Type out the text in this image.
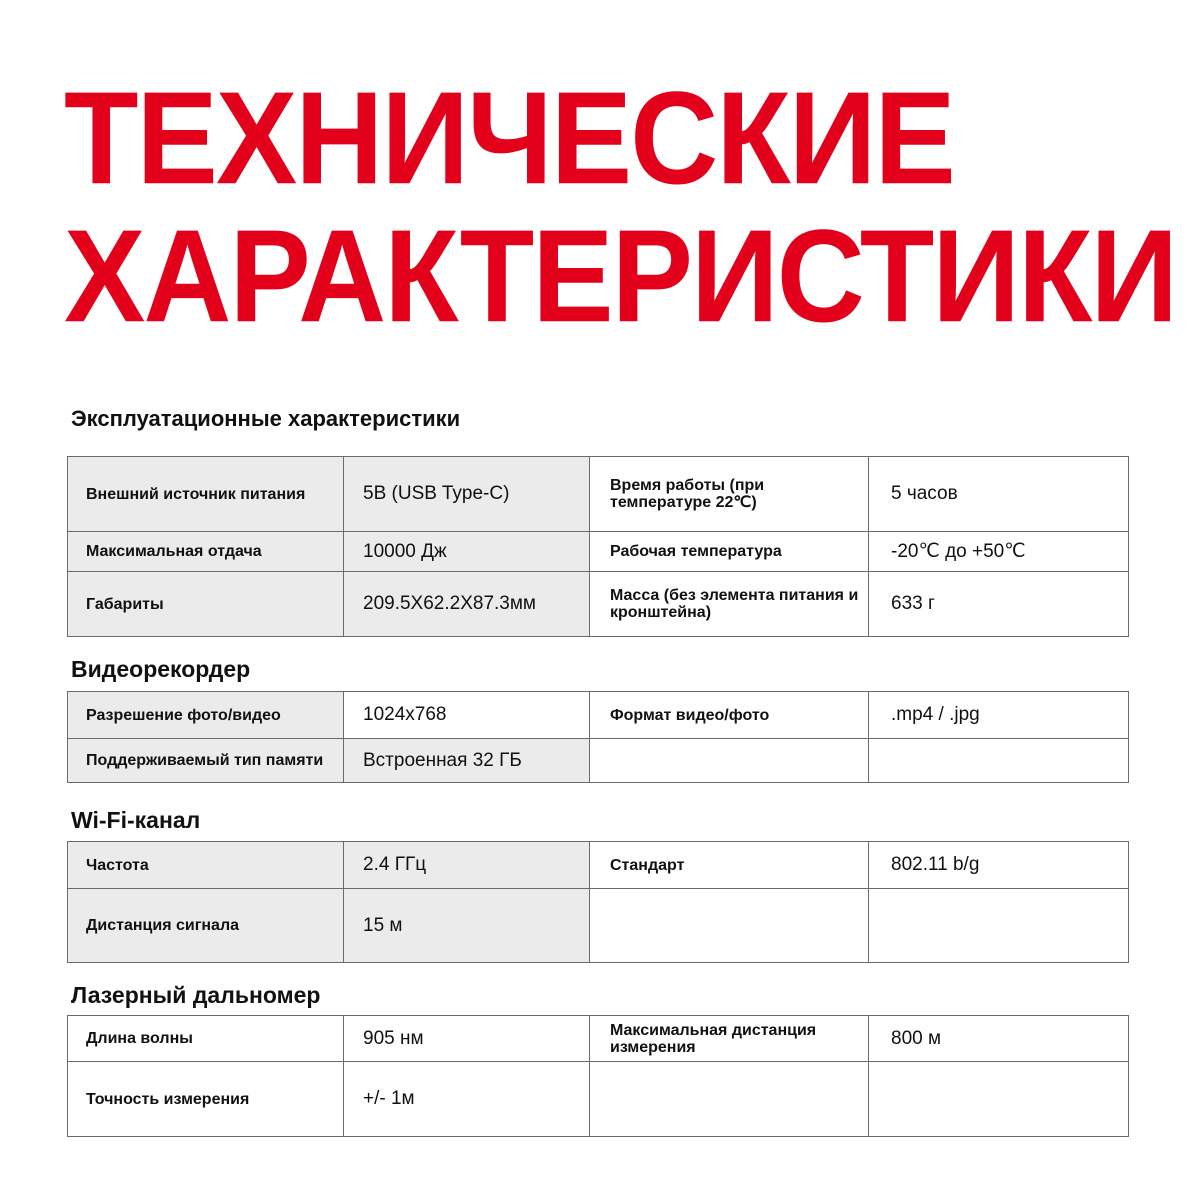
ТЕХНИЧЕСКИЕ
ХАРАКТЕРИСТИКИ
Эксплуатационные характеристики
Внешний источник питания	5В (USB Type-C)	Время работы (при температуре 22℃)	5 часов
Максимальная отдача	10000 Дж	Рабочая температура	-20℃ до +50℃
Габариты	209.5X62.2X87.3мм	Масса (без элемента питания и кронштейна)	633 г
Видеорекордер
Разрешение фото/видео	1024x768	Формат видео/фото	.mp4 / .jpg
Поддерживаемый тип памяти	Встроенная 32 ГБ		
Wi-Fi-канал
Частота	2.4 ГГц	Стандарт	802.11 b/g
Дистанция сигнала	15 м		
Лазерный дальномер
Длина волны	905 нм	Максимальная дистанция измерения	800 м
Точность измерения	+/- 1м		
